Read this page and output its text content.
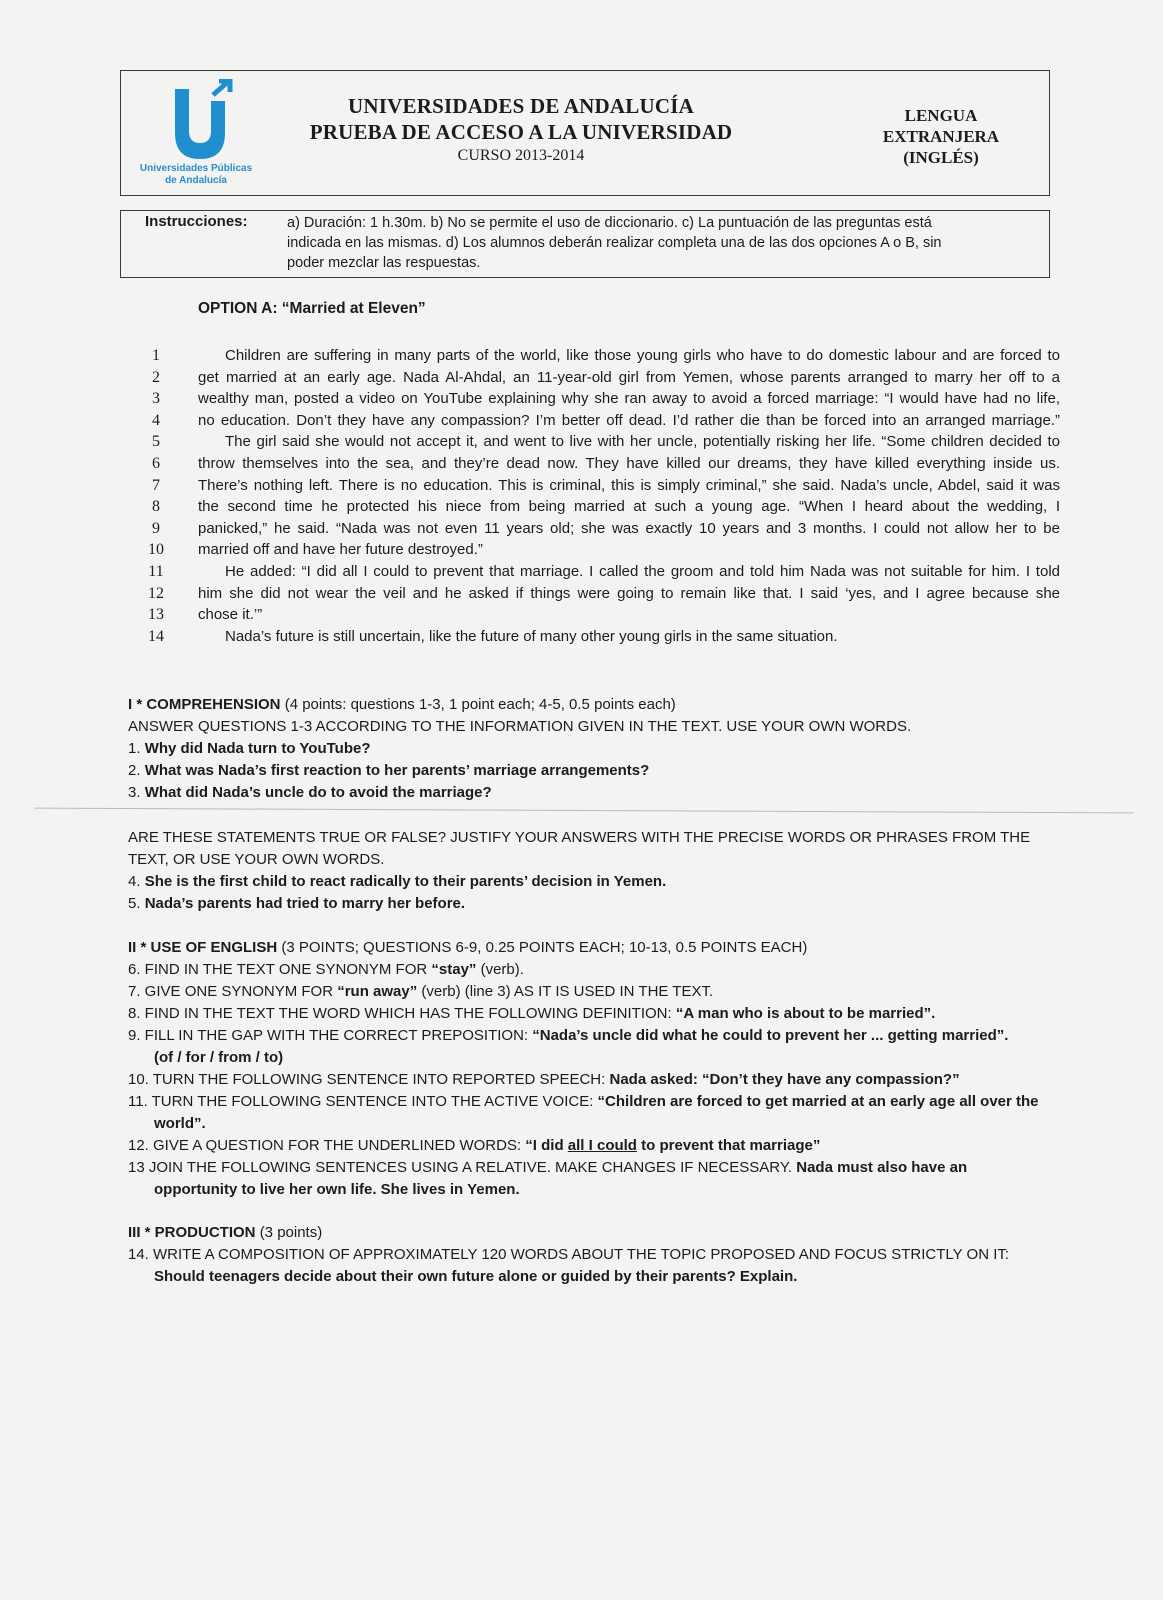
Universidades Públicas
de Andalucía
UNIVERSIDADES DE ANDALUCÍA
PRUEBA DE ACCESO A LA UNIVERSIDAD
CURSO 2013-2014
LENGUA
EXTRANJERA
(INGLÉS)
Instrucciones:	a) Duración: 1 h.30m. b) No se permite el uso de diccionario. c) La puntuación de las preguntas está
indicada en las mismas. d) Los alumnos deberán realizar completa una de las dos opciones A o B, sin
poder mezclar las respuestas.
OPTION A: “Married at Eleven”
1	Children are suffering in many parts of the world, like those young girls who have to do domestic labour and are forced to
2	get married at an early age. Nada Al-Ahdal, an 11-year-old girl from Yemen, whose parents arranged to marry her off to a
3	wealthy man, posted a video on YouTube explaining why she ran away to avoid a forced marriage: “I would have had no life,
4	no education. Don’t they have any compassion? I’m better off dead. I’d rather die than be forced into an arranged marriage.”
5	The girl said she would not accept it, and went to live with her uncle, potentially risking her life. “Some children decided to
6	throw themselves into the sea, and they’re dead now. They have killed our dreams, they have killed everything inside us.
7	There’s nothing left. There is no education. This is criminal, this is simply criminal,” she said. Nada’s uncle, Abdel, said it was
8	the second time he protected his niece from being married at such a young age. “When I heard about the wedding, I
9	panicked,” he said. “Nada was not even 11 years old; she was exactly 10 years and 3 months. I could not allow her to be
10	married off and have her future destroyed.”
11	He added: “I did all I could to prevent that marriage. I called the groom and told him Nada was not suitable for him. I told
12	him she did not wear the veil and he asked if things were going to remain like that. I said ‘yes, and I agree because she
13	chose it.’”
14	Nada’s future is still uncertain, like the future of many other young girls in the same situation.
I * COMPREHENSION (4 points: questions 1-3, 1 point each; 4-5, 0.5 points each)
ANSWER QUESTIONS 1-3 ACCORDING TO THE INFORMATION GIVEN IN THE TEXT. USE YOUR OWN WORDS.
1. Why did Nada turn to YouTube?
2. What was Nada’s first reaction to her parents’ marriage arrangements?
3. What did Nada’s uncle do to avoid the marriage?
ARE THESE STATEMENTS TRUE OR FALSE? JUSTIFY YOUR ANSWERS WITH THE PRECISE WORDS OR PHRASES FROM THE
TEXT, OR USE YOUR OWN WORDS.
4. She is the first child to react radically to their parents’ decision in Yemen.
5. Nada’s parents had tried to marry her before.
II * USE OF ENGLISH (3 POINTS; QUESTIONS 6-9, 0.25 POINTS EACH; 10-13, 0.5 POINTS EACH)
6. FIND IN THE TEXT ONE SYNONYM FOR “stay” (verb).
7. GIVE ONE SYNONYM FOR “run away” (verb) (line 3) AS IT IS USED IN THE TEXT.
8. FIND IN THE TEXT THE WORD WHICH HAS THE FOLLOWING DEFINITION: “A man who is about to be married”.
9. FILL IN THE GAP WITH THE CORRECT PREPOSITION: “Nada’s uncle did what he could to prevent her ... getting married”.
(of / for / from / to)
10. TURN THE FOLLOWING SENTENCE INTO REPORTED SPEECH: Nada asked: “Don’t they have any compassion?”
11. TURN THE FOLLOWING SENTENCE INTO THE ACTIVE VOICE: “Children are forced to get married at an early age all over the
world”.
12. GIVE A QUESTION FOR THE UNDERLINED WORDS: “I did all I could to prevent that marriage”
13 JOIN THE FOLLOWING SENTENCES USING A RELATIVE. MAKE CHANGES IF NECESSARY. Nada must also have an
opportunity to live her own life. She lives in Yemen.
III * PRODUCTION (3 points)
14. WRITE A COMPOSITION OF APPROXIMATELY 120 WORDS ABOUT THE TOPIC PROPOSED AND FOCUS STRICTLY ON IT:
Should teenagers decide about their own future alone or guided by their parents? Explain.
